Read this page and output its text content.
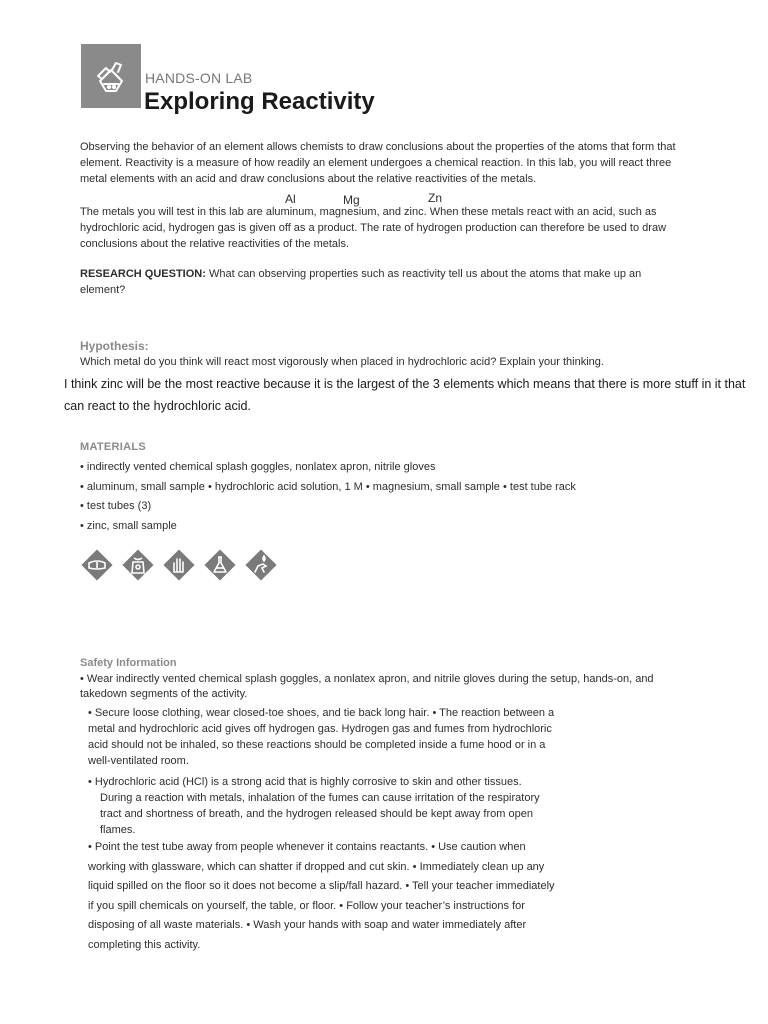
HANDS-ON LAB
Exploring Reactivity
Observing the behavior of an element allows chemists to draw conclusions about the properties of the atoms that form that element. Reactivity is a measure of how readily an element undergoes a chemical reaction. In this lab, you will react three metal elements with an acid and draw conclusions about the relative reactivities of the metals.
Al	Mg	Zn
The metals you will test in this lab are aluminum, magnesium, and zinc. When these metals react with an acid, such as hydrochloric acid, hydrogen gas is given off as a product. The rate of hydrogen production can therefore be used to draw conclusions about the relative reactivities of the metals.
RESEARCH QUESTION: What can observing properties such as reactivity tell us about the atoms that make up an element?
Hypothesis:
Which metal do you think will react most vigorously when placed in hydrochloric acid? Explain your thinking.
I think zinc will be the most reactive because it is the largest of the 3 elements which means that there is more stuff in it that can react to the hydrochloric acid.
MATERIALS
• indirectly vented chemical splash goggles, nonlatex apron, nitrile gloves
• aluminum, small sample • hydrochloric acid solution, 1 M • magnesium, small sample • test tube rack
• test tubes (3)
• zinc, small sample
Safety Information
• Wear indirectly vented chemical splash goggles, a nonlatex apron, and nitrile gloves during the setup, hands-on, and takedown segments of the activity.
• Secure loose clothing, wear closed-toe shoes, and tie back long hair. • The reaction between a metal and hydrochloric acid gives off hydrogen gas. Hydrogen gas and fumes from hydrochloric acid should not be inhaled, so these reactions should be completed inside a fume hood or in a well-ventilated room.
• Hydrochloric acid (HCl) is a strong acid that is highly corrosive to skin and other tissues.
During a reaction with metals, inhalation of the fumes can cause irritation of the respiratory tract and shortness of breath, and the hydrogen released should be kept away from open flames.
• Point the test tube away from people whenever it contains reactants. • Use caution when working with glassware, which can shatter if dropped and cut skin. • Immediately clean up any liquid spilled on the floor so it does not become a slip/fall hazard. • Tell your teacher immediately if you spill chemicals on yourself, the table, or floor. • Follow your teacher’s instructions for disposing of all waste materials. • Wash your hands with soap and water immediately after completing this activity.
